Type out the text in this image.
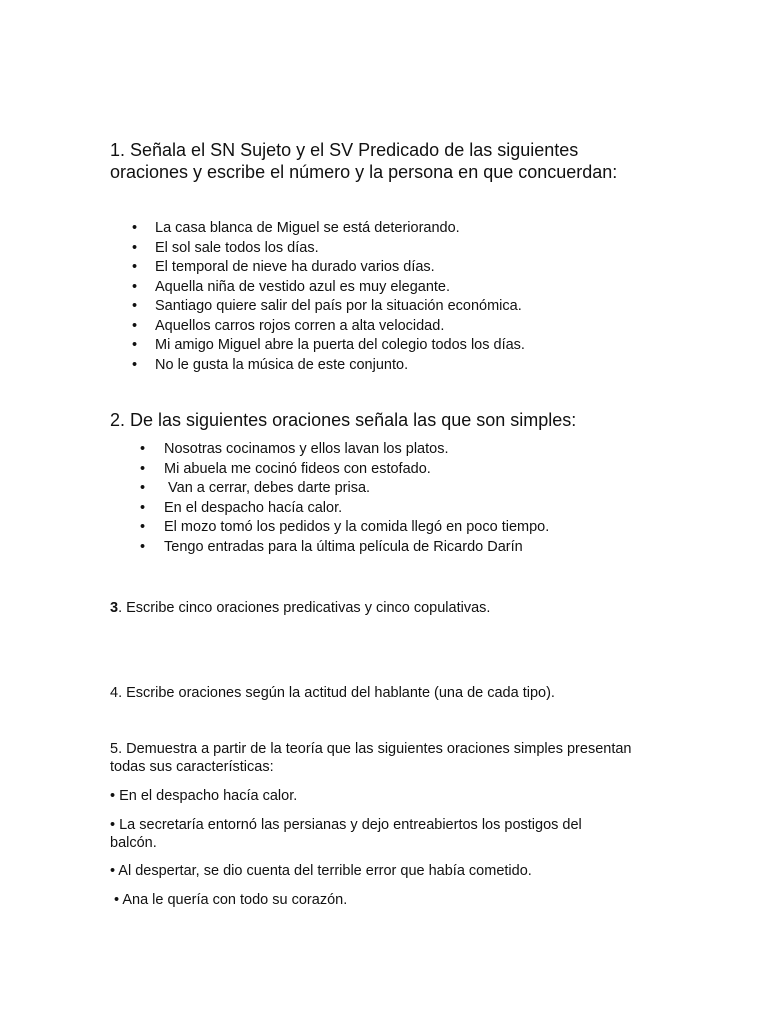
1. Señala el SN Sujeto y el SV Predicado de las siguientes oraciones y escribe el número y la persona en que concuerdan:

• La casa blanca de Miguel se está deteriorando.
• El sol sale todos los días.
• El temporal de nieve ha durado varios días.
• Aquella niña de vestido azul es muy elegante.
• Santiago quiere salir del país por la situación económica.
• Aquellos carros rojos corren a alta velocidad.
• Mi amigo Miguel abre la puerta del colegio todos los días.
• No le gusta la música de este conjunto.

2. De las siguientes oraciones señala las que son simples:

• Nosotras cocinamos y ellos lavan los platos.
• Mi abuela me cocinó fideos con estofado.
• Van a cerrar, debes darte prisa.
• En el despacho hacía calor.
• El mozo tomó los pedidos y la comida llegó en poco tiempo.
• Tengo entradas para la última película de Ricardo Darín

3. Escribe cinco oraciones predicativas y cinco copulativas.

4. Escribe oraciones según la actitud del hablante (una de cada tipo).

5. Demuestra a partir de la teoría que las siguientes oraciones simples presentan todas sus características:

• En el despacho hacía calor.

• La secretaría entornó las persianas y dejo entreabiertos los postigos del balcón.

• Al despertar, se dio cuenta del terrible error que había cometido.

• Ana le quería con todo su corazón.
